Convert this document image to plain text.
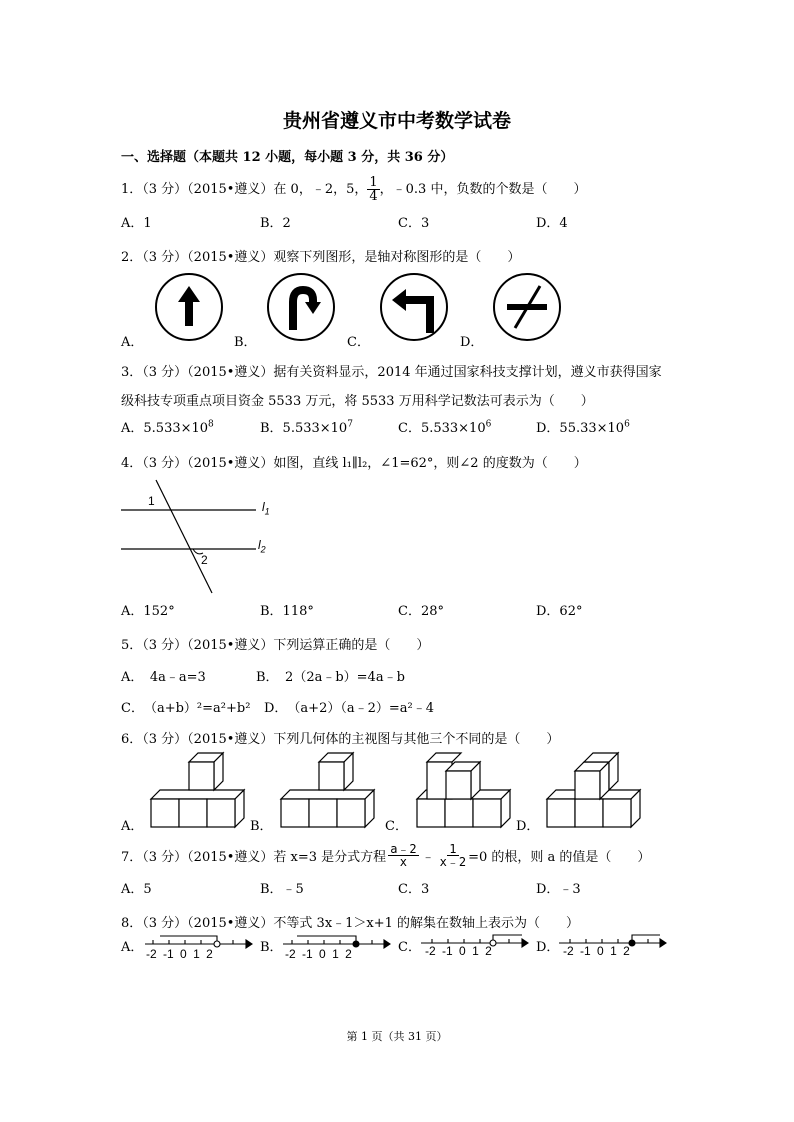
贵州省遵义市中考数学试卷
一、选择题（本题共 12 小题，每小题 3 分，共 36 分）
1．（3 分）（2015•遵义）在 0，﹣2，5， $\frac{1}{4}$ ，﹣0.3 中，负数的个数是（　　）
A．1	B．2	C．3	D．4
2．（3 分）（2015•遵义）观察下列图形，是轴对称图形的是（　　）
A．	B．	C．	D．
3．（3 分）（2015•遵义）据有关资料显示，2014 年通过国家科技支撑计划，遵义市获得国家
级科技专项重点项目资金 5533 万元，将 5533 万用科学记数法可表示为（　　）
A．$5.533\times 10^8$	B．$5.533\times 10^7$	C．$5.533\times 10^6$	D．$55.33\times 10^6$
4．（3 分）（2015•遵义）如图，直线 l₁∥l₂，∠1=62°，则∠2 的度数为（　　）
1
2
$l_1$
$l_2$
A．152°	B．118°	C．28°	D．62°
5．（3 分）（2015•遵义）下列运算正确的是（　　）
A．　4a﹣a=3	B．　2（2a﹣b）=4a﹣b
C．　（a+b）²=a²+b² D．　（a+2）（a﹣2）=a²﹣4
6．（3 分）（2015•遵义）下列几何体的主视图与其他三个不同的是（　　）
A．	B．	C．	D．
7．（3 分）（2015•遵义）若 x=3 是分式方程 $\frac{a﹣2}{x}$ ﹣ $\frac{1}{x﹣2} =0$ 的根，则 a 的值是（　　）
A．5	B．﹣5	C．3	D．﹣3
8．（3 分）（2015•遵义）不等式 3x﹣1＞x+1 的解集在数轴上表示为（　　）
A．	B．	C．	D．
-2 -1 0 1 2	-2 -1 0 1 2	-2 -1 0 1 2	-2 -1 0 1 2
第 1 页（共 31 页）
